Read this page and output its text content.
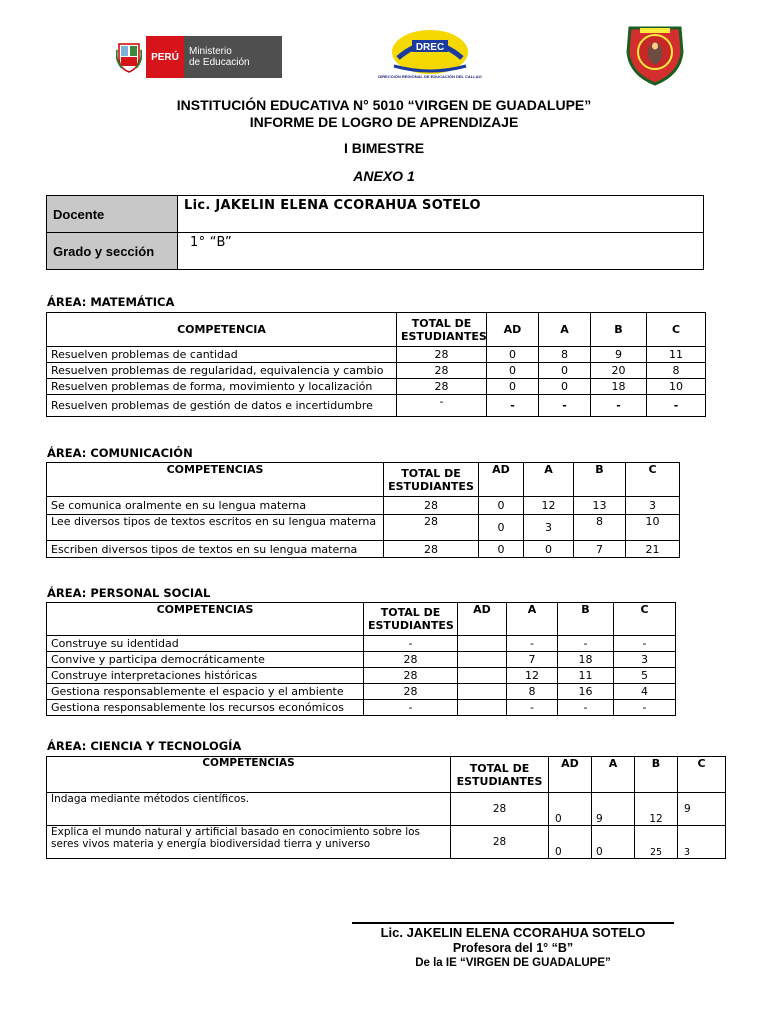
PERÚ	Ministerio
de Educación
DREC
DIRECCIÓN REGIONAL DE EDUCACIÓN DEL CALLAO
INSTITUCIÓN EDUCATIVA N° 5010 “VIRGEN DE GUADALUPE”
INFORME DE LOGRO DE APRENDIZAJE
I BIMESTRE
ANEXO 1
Docente	Lic. JAKELIN ELENA CCORAHUA SOTELO
Grado y sección	1° “B”
ÁREA: MATEMÁTICA
COMPETENCIA	TOTAL DE ESTUDIANTES	AD	A	B	C
Resuelven problemas de cantidad	28	0	8	9	11
Resuelven problemas de regularidad, equivalencia y cambio	28	0	0	20	8
Resuelven problemas de forma, movimiento y localización	28	0	0	18	10
Resuelven problemas de gestión de datos e incertidumbre	-	-	-	-	-
ÁREA: COMUNICACIÓN
COMPETENCIAS	TOTAL DE ESTUDIANTES	AD	A	B	C
Se comunica oralmente en su lengua materna	28	0	12	13	3
Lee diversos tipos de textos escritos en su lengua materna	28	0	3	8	10
Escriben diversos tipos de textos en su lengua materna	28	0	0	7	21
ÁREA: PERSONAL SOCIAL
COMPETENCIAS	TOTAL DE ESTUDIANTES	AD	A	B	C
Construye su identidad	-		-	-	-
Convive y participa democráticamente	28		7	18	3
Construye interpretaciones históricas	28		12	11	5
Gestiona responsablemente el espacio y el ambiente	28		8	16	4
Gestiona responsablemente los recursos económicos	-		-	-	-
ÁREA: CIENCIA Y TECNOLOGÍA
COMPETENCIAS	TOTAL DE ESTUDIANTES	AD	A	B	C
Indaga mediante métodos científicos.	28	0	9	12	9
Explica el mundo natural y artificial basado en conocimiento sobre los seres vivos materia y energía biodiversidad tierra y universo	28	0	0	25	3
Lic. JAKELIN ELENA CCORAHUA SOTELO
Profesora del 1° “B”
De la IE “VIRGEN DE GUADALUPE”
